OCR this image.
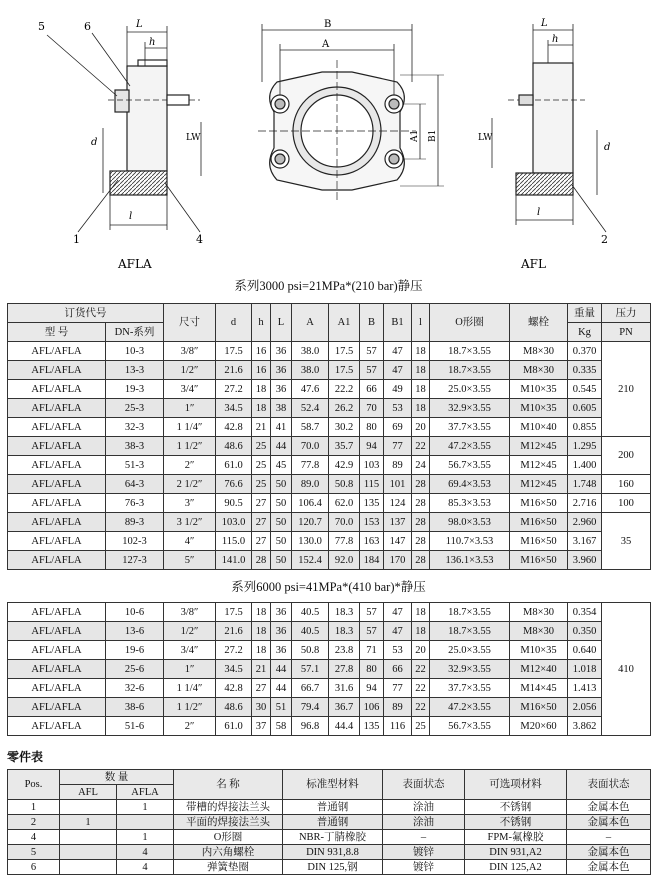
5	6
1	4
L
h
d	LW
l
AFLA
B
A
A1 B1
L
h
LW
d
l
2
AFL
系列3000 psi=21MPa*(210 bar)静压
订货代号		尺寸	d	h	L	A	A1	B	B1	l	O形圈	螺栓	重量	压力
型 号	DN-系列												Kg	PN
AFL/AFLA	10-3	3/8″	17.5	16	36	38.0	17.5	57	47	18	18.7×3.55	M8×30	0.370	210
AFL/AFLA	13-3	1/2″	21.6	16	36	38.0	17.5	57	47	18	18.7×3.55	M8×30	0.335	
AFL/AFLA	19-3	3/4″	27.2	18	36	47.6	22.2	66	49	18	25.0×3.55	M10×35	0.545	
AFL/AFLA	25-3	1″	34.5	18	38	52.4	26.2	70	53	18	32.9×3.55	M10×35	0.605	
AFL/AFLA	32-3	1 1/4″	42.8	21	41	58.7	30.2	80	69	20	37.7×3.55	M10×40	0.855	
AFL/AFLA	38-3	1 1/2″	48.6	25	44	70.0	35.7	94	77	22	47.2×3.55	M12×45	1.295	200
AFL/AFLA	51-3	2″	61.0	25	45	77.8	42.9	103	89	24	56.7×3.55	M12×45	1.400	
AFL/AFLA	64-3	2 1/2″	76.6	25	50	89.0	50.8	115	101	28	69.4×3.53	M12×45	1.748	160
AFL/AFLA	76-3	3″	90.5	27	50	106.4	62.0	135	124	28	85.3×3.53	M16×50	2.716	100
AFL/AFLA	89-3	3 1/2″	103.0	27	50	120.7	70.0	153	137	28	98.0×3.53	M16×50	2.960	35
AFL/AFLA	102-3	4″	115.0	27	50	130.0	77.8	163	147	28	110.7×3.53	M16×50	3.167	
AFL/AFLA	127-3	5″	141.0	28	50	152.4	92.0	184	170	28	136.1×3.53	M16×50	3.960	
系列6000 psi=41MPa*(410 bar)*静压
AFL/AFLA	10-6	3/8″	17.5	18	36	40.5	18.3	57	47	18	18.7×3.55	M8×30	0.354	410
AFL/AFLA	13-6	1/2″	21.6	18	36	40.5	18.3	57	47	18	18.7×3.55	M8×30	0.350	
AFL/AFLA	19-6	3/4″	27.2	18	36	50.8	23.8	71	53	20	25.0×3.55	M10×35	0.640	
AFL/AFLA	25-6	1″	34.5	21	44	57.1	27.8	80	66	22	32.9×3.55	M12×40	1.018	
AFL/AFLA	32-6	1 1/4″	42.8	27	44	66.7	31.6	94	77	22	37.7×3.55	M14×45	1.413	
AFL/AFLA	38-6	1 1/2″	48.6	30	51	79.4	36.7	106	89	22	47.2×3.55	M16×50	2.056	
AFL/AFLA	51-6	2″	61.0	37	58	96.8	44.4	135	116	25	56.7×3.55	M20×60	3.862	
零件表
Pos.	数 量		名 称	标准型材料	表面状态	可选项材料	表面状态
	AFL	AFLA					
1		1	带槽的焊接法兰头	普通钢	涂油	不锈钢	金属本色
2	1		平面的焊接法兰头	普通钢	涂油	不锈钢	金属本色
4		1	O形圈	NBR-丁腈橡胶	–	FPM-氟橡胶	–
5		4	内六角螺栓	DIN 931,8.8	镀锌	DIN 931,A2	金属本色
6		4	弹簧垫圈	DIN 125,钢	镀锌	DIN 125,A2	金属本色
